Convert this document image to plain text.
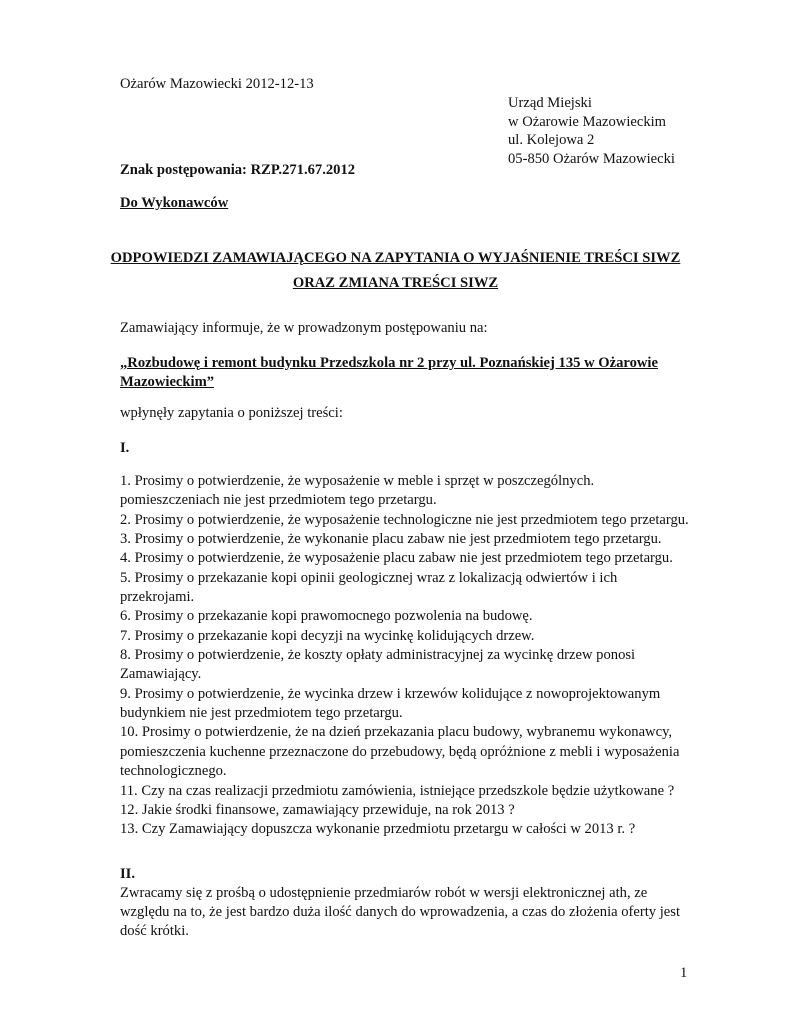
Ożarów Mazowiecki 2012-12-13
Urząd Miejski
w Ożarowie Mazowieckim
ul. Kolejowa 2
05-850 Ożarów Mazowiecki
Znak postępowania: RZP.271.67.2012
Do Wykonawców
ODPOWIEDZI ZAMAWIAJĄCEGO NA ZAPYTANIA O WYJAŚNIENIE TREŚCI SIWZ
ORAZ ZMIANA TREŚCI SIWZ
Zamawiający informuje, że w prowadzonym postępowaniu na:
„Rozbudowę i remont budynku Przedszkola nr 2 przy ul. Poznańskiej 135 w Ożarowie
Mazowieckim”
wpłynęły zapytania o poniższej treści:
I.
1. Prosimy o potwierdzenie, że wyposażenie w meble i sprzęt w poszczególnych.
pomieszczeniach nie jest przedmiotem tego przetargu.
2. Prosimy o potwierdzenie, że wyposażenie technologiczne nie jest przedmiotem tego przetargu.
3. Prosimy o potwierdzenie, że wykonanie placu zabaw nie jest przedmiotem tego przetargu.
4. Prosimy o potwierdzenie, że wyposażenie placu zabaw nie jest przedmiotem tego przetargu.
5. Prosimy o przekazanie kopi opinii geologicznej wraz z lokalizacją odwiertów i ich
przekrojami.
6. Prosimy o przekazanie kopi prawomocnego pozwolenia na budowę.
7. Prosimy o przekazanie kopi decyzji na wycinkę kolidujących drzew.
8. Prosimy o potwierdzenie, że koszty opłaty administracyjnej za wycinkę drzew ponosi
Zamawiający.
9. Prosimy o potwierdzenie, że wycinka drzew i krzewów kolidujące z nowoprojektowanym
budynkiem nie jest przedmiotem tego przetargu.
10. Prosimy o potwierdzenie, że na dzień przekazania placu budowy, wybranemu wykonawcy,
pomieszczenia kuchenne przeznaczone do przebudowy, będą opróżnione z mebli i wyposażenia
technologicznego.
11. Czy na czas realizacji przedmiotu zamówienia, istniejące przedszkole będzie użytkowane ?
12. Jakie środki finansowe, zamawiający przewiduje, na rok 2013 ?
13. Czy Zamawiający dopuszcza wykonanie przedmiotu przetargu w całości w 2013 r. ?
II.
Zwracamy się z prośbą o udostępnienie przedmiarów robót w wersji elektronicznej ath, ze
względu na to, że jest bardzo duża ilość danych do wprowadzenia, a czas do złożenia oferty jest
dość krótki.
1
